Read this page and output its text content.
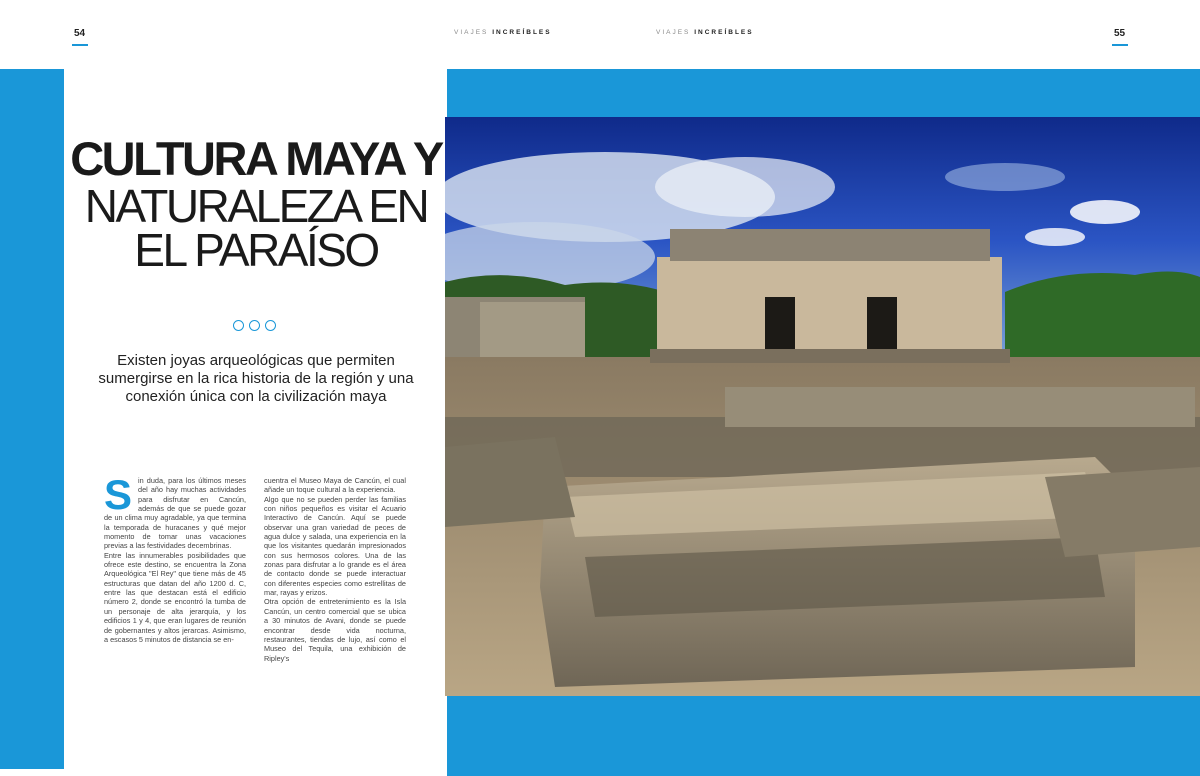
54	VIAJES INCREÍBLES	VIAJES INCREÍBLES	55
CULTURA MAYA Y
NATURALEZA EN
EL PARAÍSO

Existen joyas arqueológicas que permiten sumergirse en la rica historia de la región y una conexión única con la civilización maya

Sin duda, para los últimos meses del año hay muchas actividades para disfrutar en Cancún, además de que se puede gozar de un clima muy agradable, ya que termina la temporada de huracanes y qué mejor momento de tomar unas vacaciones previas a las festividades decembrinas.

Entre las innumerables posibilidades que ofrece este destino, se encuentra la Zona Arqueológica "El Rey" que tiene más de 45 estructuras que datan del año 1200 d. C, entre las que destacan está el edificio número 2, donde se encontró la tumba de un personaje de alta jerarquía, y los edificios 1 y 4, que eran lugares de reunión de gobernantes y altos jerarcas. Asimismo, a escasos 5 minutos de distancia se en-

cuentra el Museo Maya de Cancún, el cual añade un toque cultural a la experiencia.

Algo que no se pueden perder las familias con niños pequeños es visitar el Acuario Interactivo de Cancún. Aquí se puede observar una gran variedad de peces de agua dulce y salada, una experiencia en la que los visitantes quedarán impresionados con sus hermosos colores. Una de las zonas para disfrutar a lo grande es el área de contacto donde se puede interactuar con diferentes especies como estrellitas de mar, rayas y erizos.

Otra opción de entretenimiento es la Isla Cancún, un centro comercial que se ubica a 30 minutos de Avani, donde se puede encontrar desde vida nocturna, restaurantes, tiendas de lujo, así como el Museo del Tequila, una exhibición de Ripley's
